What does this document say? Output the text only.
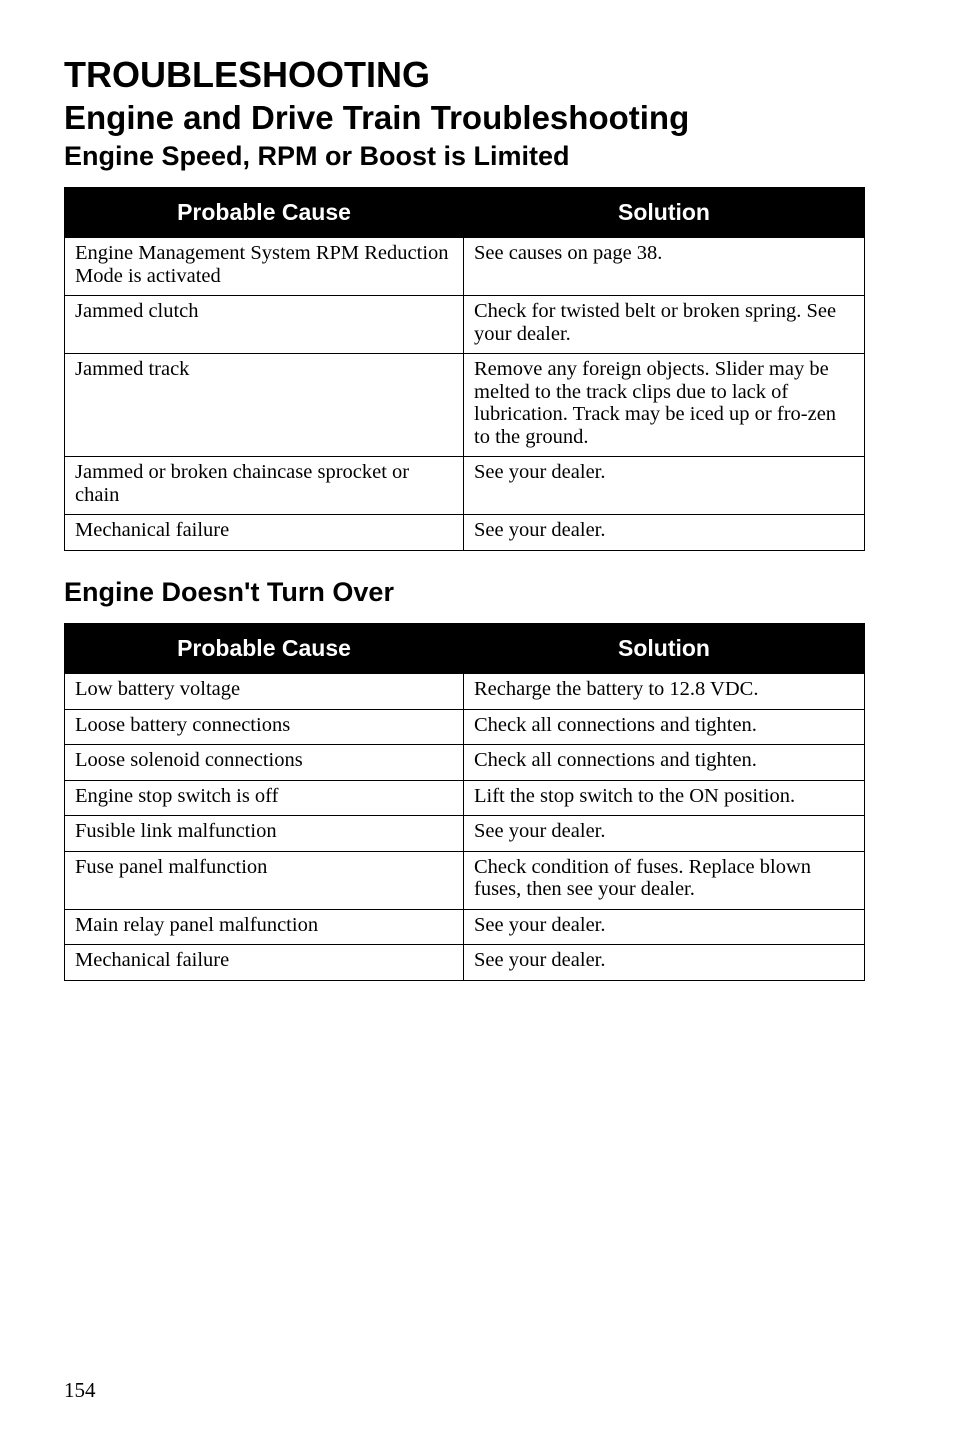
TROUBLESHOOTING
Engine and Drive Train Troubleshooting
Engine Speed, RPM or Boost is Limited
Probable Cause	Solution
Engine Management System RPM Reduction Mode is activated	See causes on page 38.
Jammed clutch	Check for twisted belt or broken spring. See your dealer.
Jammed track	Remove any foreign objects. Slider may be melted to the track clips due to lack of lubrication. Track may be iced up or fro-zen to the ground.
Jammed or broken chaincase sprocket or chain	See your dealer.
Mechanical failure	See your dealer.
Engine Doesn't Turn Over
Probable Cause	Solution
Low battery voltage	Recharge the battery to 12.8 VDC.
Loose battery connections	Check all connections and tighten.
Loose solenoid connections	Check all connections and tighten.
Engine stop switch is off	Lift the stop switch to the ON position.
Fusible link malfunction	See your dealer.
Fuse panel malfunction	Check condition of fuses. Replace blown fuses, then see your dealer.
Main relay panel malfunction	See your dealer.
Mechanical failure	See your dealer.
154
